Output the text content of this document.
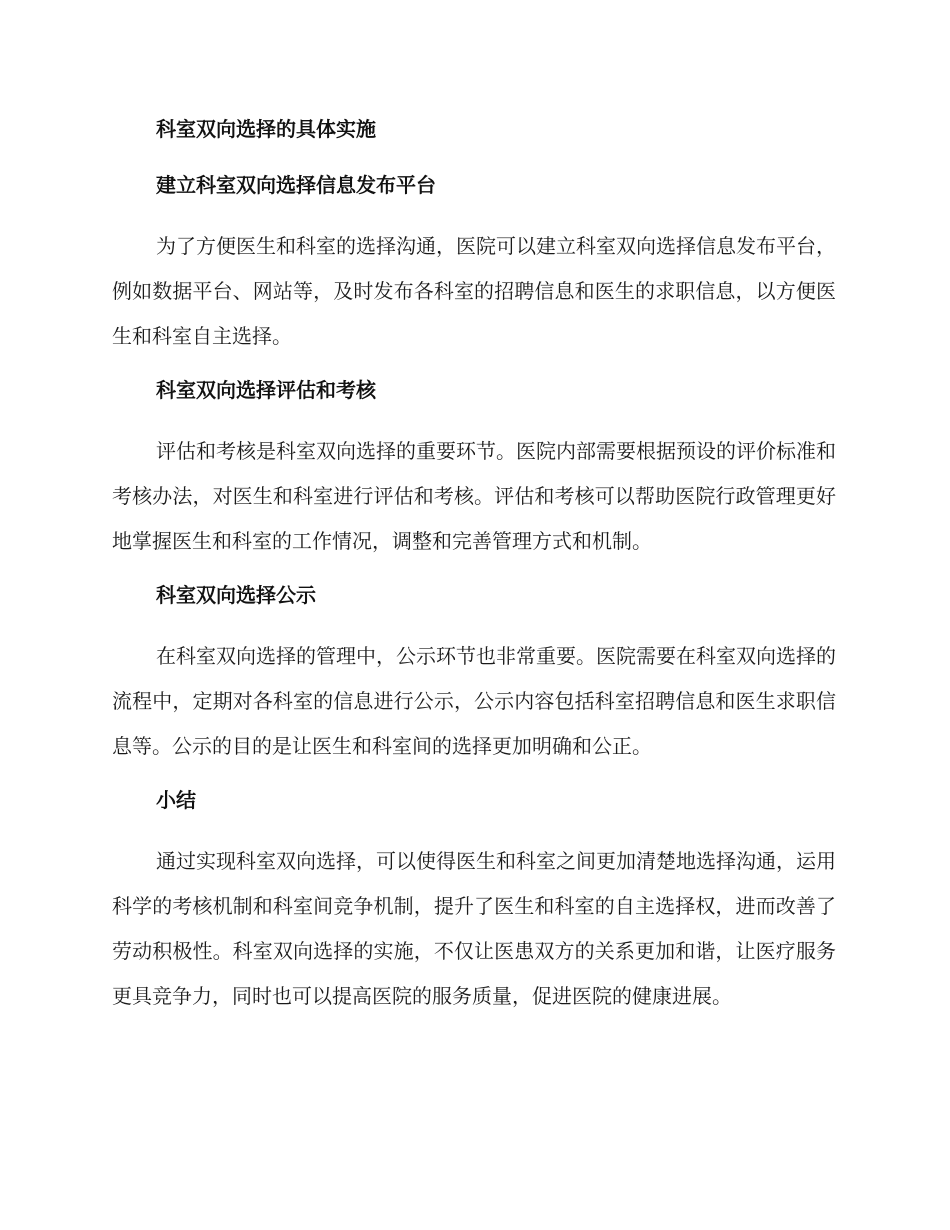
科室双向选择的具体实施
建立科室双向选择信息发布平台

为了方便医生和科室的选择沟通，医院可以建立科室双向选择信息发布平台，例如数据平台、网站等，及时发布各科室的招聘信息和医生的求职信息，以方便医生和科室自主选择。

科室双向选择评估和考核

评估和考核是科室双向选择的重要环节。医院内部需要根据预设的评价标准和考核办法，对医生和科室进行评估和考核。评估和考核可以帮助医院行政管理更好地掌握医生和科室的工作情况，调整和完善管理方式和机制。

科室双向选择公示

在科室双向选择的管理中，公示环节也非常重要。医院需要在科室双向选择的流程中，定期对各科室的信息进行公示，公示内容包括科室招聘信息和医生求职信息等。公示的目的是让医生和科室间的选择更加明确和公正。

小结

通过实现科室双向选择，可以使得医生和科室之间更加清楚地选择沟通，运用科学的考核机制和科室间竞争机制，提升了医生和科室的自主选择权，进而改善了劳动积极性。科室双向选择的实施，不仅让医患双方的关系更加和谐，让医疗服务更具竞争力，同时也可以提高医院的服务质量，促进医院的健康进展。
